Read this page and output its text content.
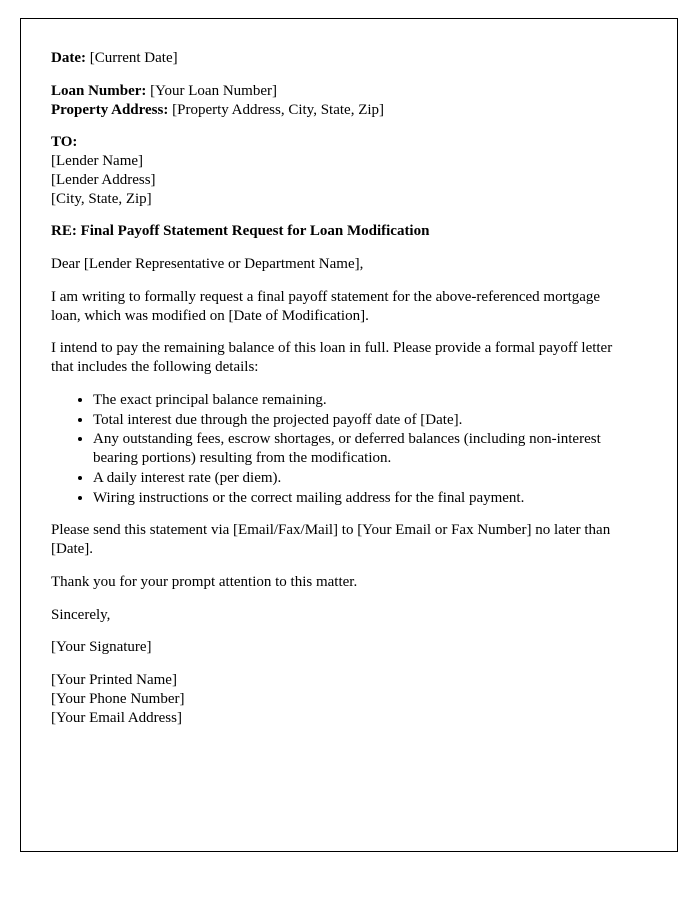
Date: [Current Date]

Loan Number: [Your Loan Number]
Property Address: [Property Address, City, State, Zip]
TO:
[Lender Name]
[Lender Address]
[City, State, Zip]

RE: Final Payoff Statement Request for Loan Modification

Dear [Lender Representative or Department Name],

I am writing to formally request a final payoff statement for the above-referenced mortgage loan, which was modified on [Date of Modification].

I intend to pay the remaining balance of this loan in full. Please provide a formal payoff letter that includes the following details:

• The exact principal balance remaining.
• Total interest due through the projected payoff date of [Date].
• Any outstanding fees, escrow shortages, or deferred balances (including non-interest bearing portions) resulting from the modification.
• A daily interest rate (per diem).
• Wiring instructions or the correct mailing address for the final payment.

Please send this statement via [Email/Fax/Mail] to [Your Email or Fax Number] no later than [Date].

Thank you for your prompt attention to this matter.

Sincerely,

[Your Signature]

[Your Printed Name]
[Your Phone Number]
[Your Email Address]
